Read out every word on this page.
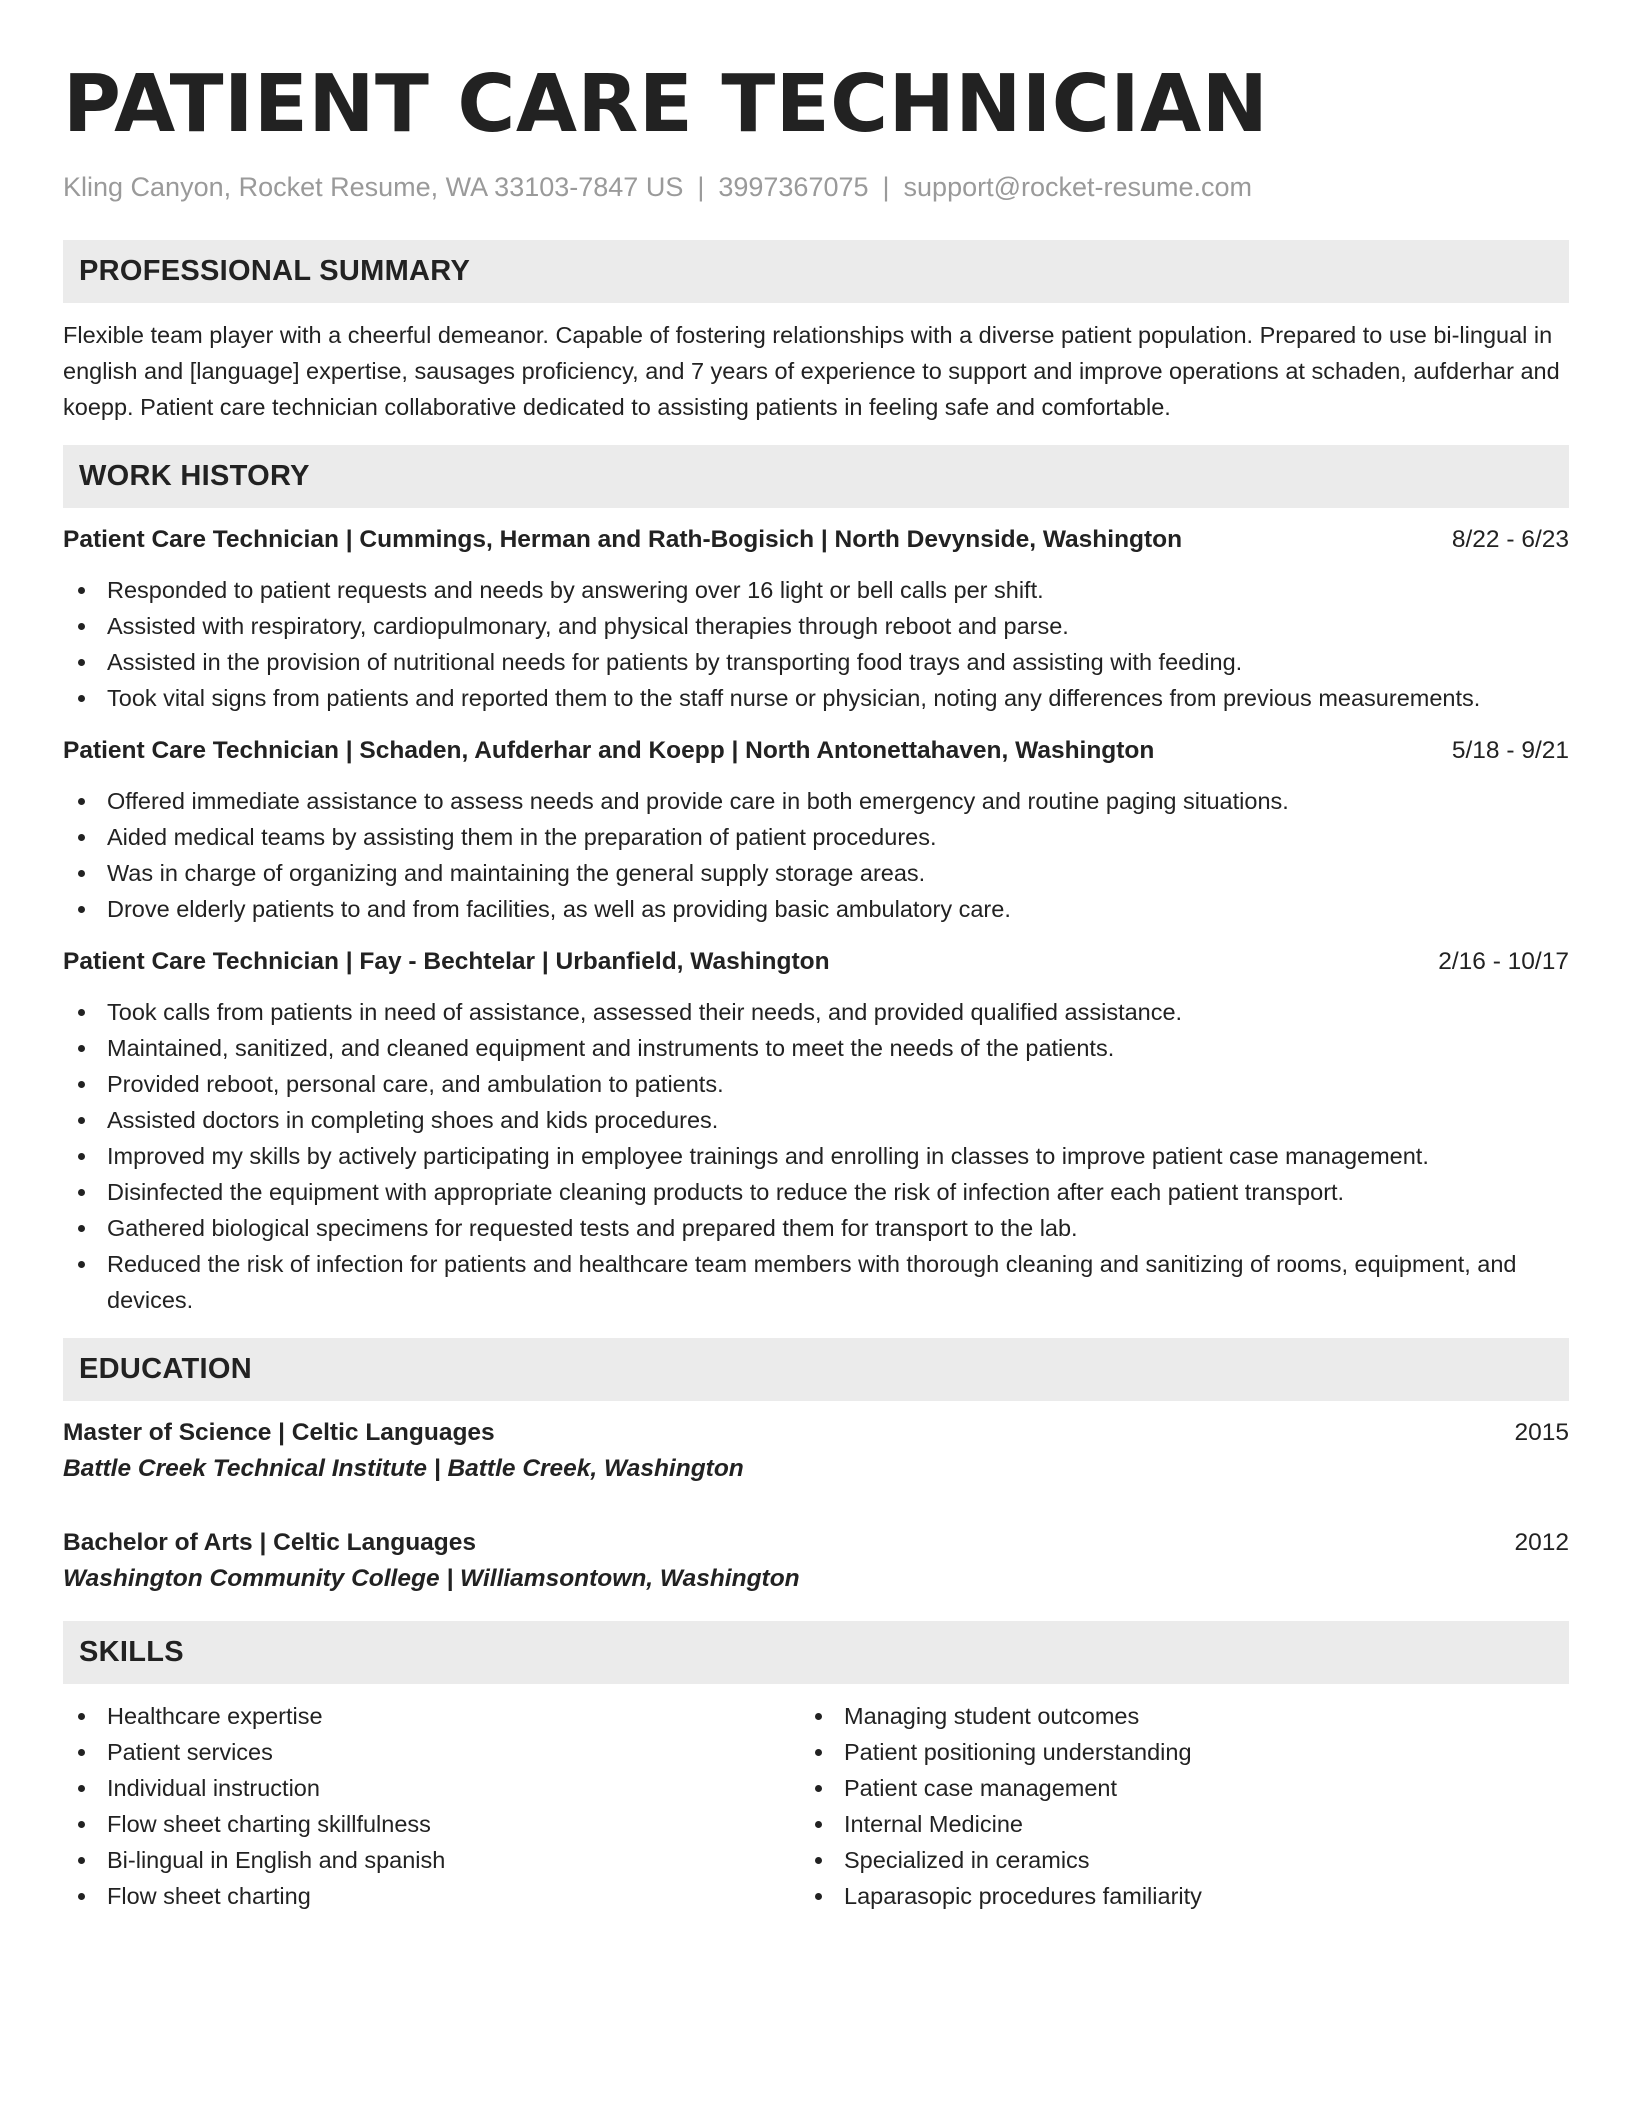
PATIENT CARE TECHNICIAN
Kling Canyon, Rocket Resume, WA 33103-7847 US | 3997367075 | support@rocket-resume.com
PROFESSIONAL SUMMARY

Flexible team player with a cheerful demeanor. Capable of fostering relationships with a diverse patient population. Prepared to use bi-lingual in english and [language] expertise, sausages proficiency, and 7 years of experience to support and improve operations at schaden, aufderhar and koepp. Patient care technician collaborative dedicated to assisting patients in feeling safe and comfortable.

WORK HISTORY
Patient Care Technician | Cummings, Herman and Rath-Bogisich | North Devynside, Washington	8/22 - 6/23
Responded to patient requests and needs by answering over 16 light or bell calls per shift.
Assisted with respiratory, cardiopulmonary, and physical therapies through reboot and parse.
Assisted in the provision of nutritional needs for patients by transporting food trays and assisting with feeding.
Took vital signs from patients and reported them to the staff nurse or physician, noting any differences from previous measurements.
Patient Care Technician | Schaden, Aufderhar and Koepp | North Antonettahaven, Washington	5/18 - 9/21
Offered immediate assistance to assess needs and provide care in both emergency and routine paging situations.
Aided medical teams by assisting them in the preparation of patient procedures.
Was in charge of organizing and maintaining the general supply storage areas.
Drove elderly patients to and from facilities, as well as providing basic ambulatory care.
Patient Care Technician | Fay - Bechtelar | Urbanfield, Washington	2/16 - 10/17
Took calls from patients in need of assistance, assessed their needs, and provided qualified assistance.
Maintained, sanitized, and cleaned equipment and instruments to meet the needs of the patients.
Provided reboot, personal care, and ambulation to patients.
Assisted doctors in completing shoes and kids procedures.
Improved my skills by actively participating in employee trainings and enrolling in classes to improve patient case management.
Disinfected the equipment with appropriate cleaning products to reduce the risk of infection after each patient transport.
Gathered biological specimens for requested tests and prepared them for transport to the lab.
Reduced the risk of infection for patients and healthcare team members with thorough cleaning and sanitizing of rooms, equipment, and devices.
EDUCATION
Master of Science | Celtic Languages	2015
Battle Creek Technical Institute | Battle Creek, Washington
Bachelor of Arts | Celtic Languages	2012
Washington Community College | Williamsontown, Washington
SKILLS
Healthcare expertise
Patient services
Individual instruction
Flow sheet charting skillfulness
Bi-lingual in English and spanish
Flow sheet charting
Managing student outcomes
Patient positioning understanding
Patient case management
Internal Medicine
Specialized in ceramics
Laparasopic procedures familiarity
